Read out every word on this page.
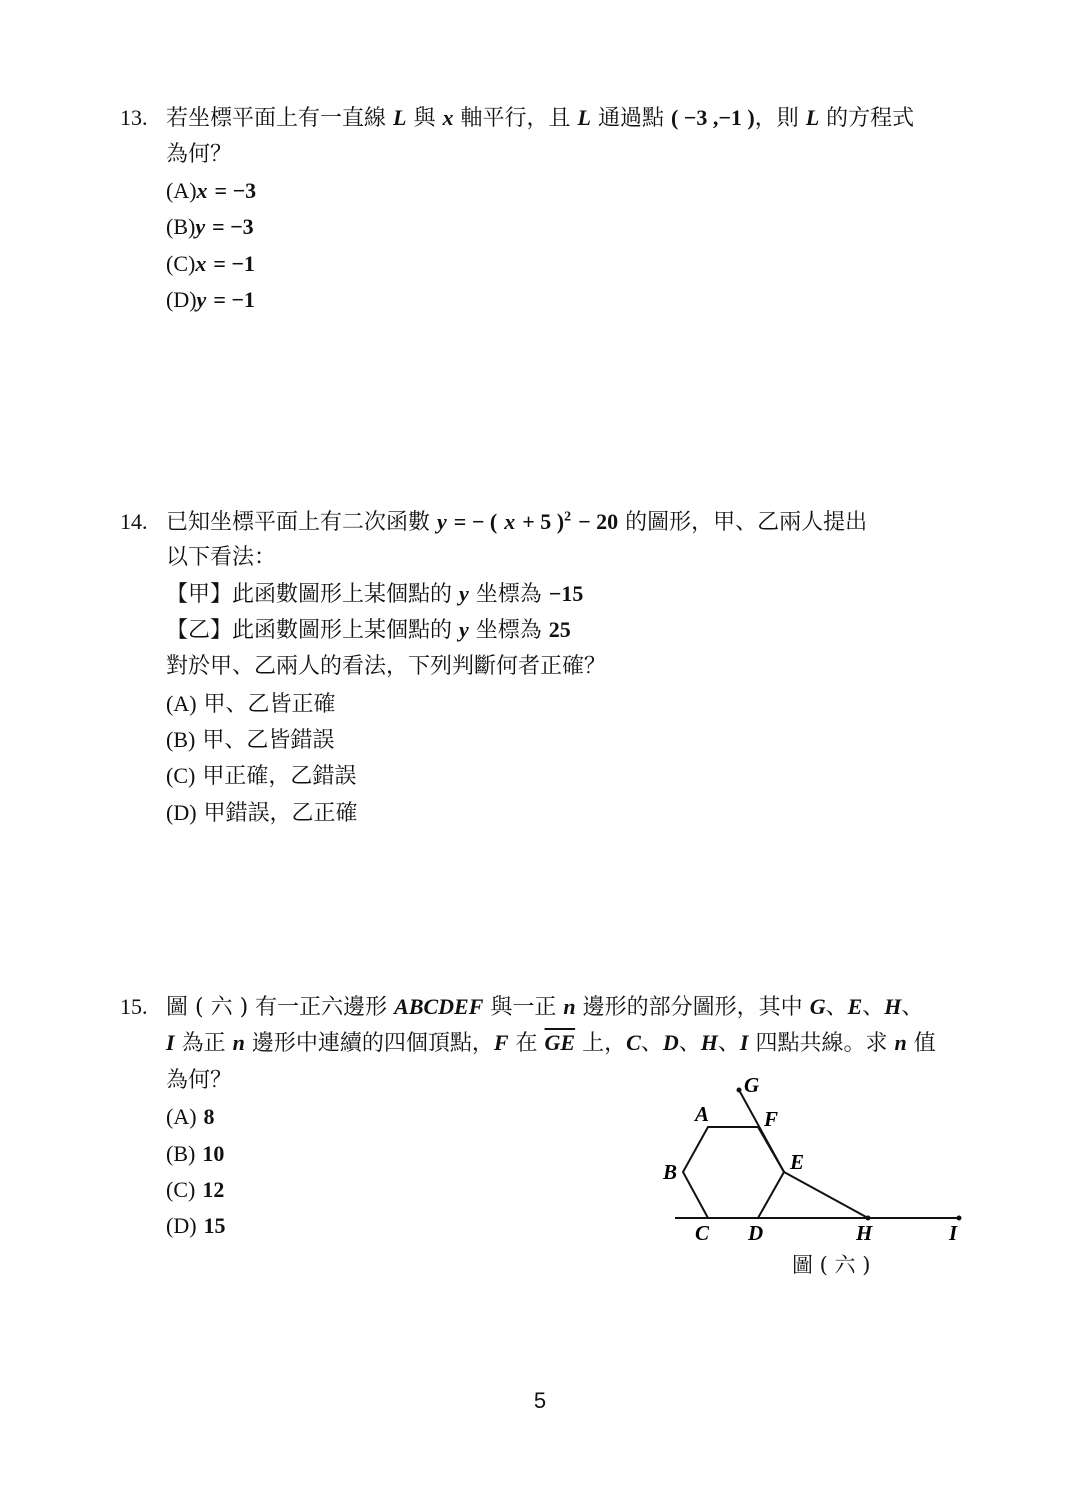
13. 若坐標平面上有一直線 L 與 x 軸平行，且 L 通過點 ( −3 ,−1 )，則 L 的方程式
為何？
(A)x = −3
(B)y = −3
(C)x = −1
(D)y = −1
14. 已知坐標平面上有二次函數 y = − ( x + 5 )$^2$ − 20 的圖形，甲、乙兩人提出
以下看法：
【甲】此函數圖形上某個點的 y 坐標為 −15
【乙】此函數圖形上某個點的 y 坐標為 25
對於甲、乙兩人的看法，下列判斷何者正確？
(A) 甲、乙皆正確
(B) 甲、乙皆錯誤
(C) 甲正確，乙錯誤
(D) 甲錯誤，乙正確
15. 圖 ( 六 ) 有一正六邊形 ABCDEF 與一正 n 邊形的部分圖形，其中 G、E、H、
I 為正 n 邊形中連續的四個頂點，F 在 $\overline{GE}$ 上，C、D、H、I 四點共線。求 n 值
為何？
(A) 8
(B) 10
(C) 12
(D) 15
G
A	F
B	E
C D	H	I
圖 ( 六 )
5
